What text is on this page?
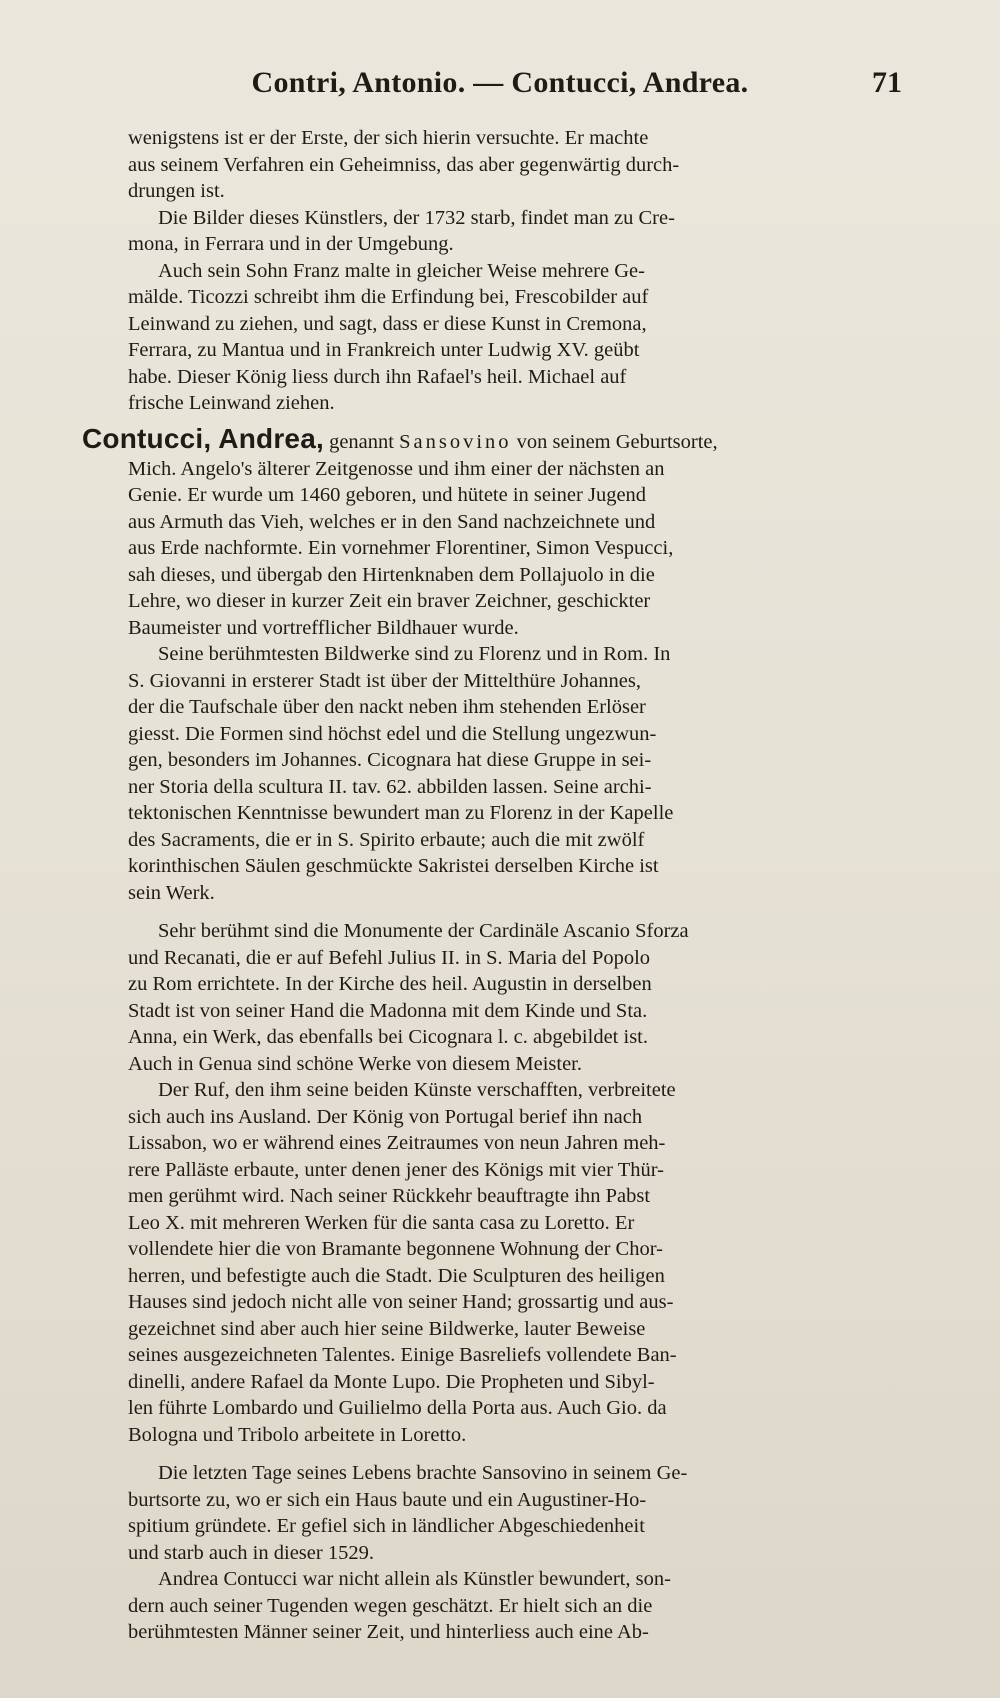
Contri, Antonio. — Contucci, Andrea.	71
wenigstens ist er der Erste, der sich hierin versuchte. Er machte
aus seinem Verfahren ein Geheimniss, das aber gegenwärtig durch-
drungen ist.
Die Bilder dieses Künstlers, der 1732 starb, findet man zu Cre-
mona, in Ferrara und in der Umgebung.
Auch sein Sohn Franz malte in gleicher Weise mehrere Ge-
mälde. Ticozzi schreibt ihm die Erfindung bei, Frescobilder auf
Leinwand zu ziehen, und sagt, dass er diese Kunst in Cremona,
Ferrara, zu Mantua und in Frankreich unter Ludwig XV. geübt
habe. Dieser König liess durch ihn Rafael's heil. Michael auf
frische Leinwand ziehen.
Contucci, Andrea, genannt Sansovino von seinem Geburtsorte,

Mich. Angelo's älterer Zeitgenosse und ihm einer der nächsten an
Genie. Er wurde um 1460 geboren, und hütete in seiner Jugend
aus Armuth das Vieh, welches er in den Sand nachzeichnete und
aus Erde nachformte. Ein vornehmer Florentiner, Simon Vespucci,
sah dieses, und übergab den Hirtenknaben dem Pollajuolo in die
Lehre, wo dieser in kurzer Zeit ein braver Zeichner, geschickter
Baumeister und vortrefflicher Bildhauer wurde.

Seine berühmtesten Bildwerke sind zu Florenz und in Rom. In
S. Giovanni in ersterer Stadt ist über der Mittelthüre Johannes,
der die Taufschale über den nackt neben ihm stehenden Erlöser
giesst. Die Formen sind höchst edel und die Stellung ungezwun-
gen, besonders im Johannes. Cicognara hat diese Gruppe in sei-
ner Storia della scultura II. tav. 62. abbilden lassen. Seine archi-
tektonischen Kenntnisse bewundert man zu Florenz in der Kapelle
des Sacraments, die er in S. Spirito erbaute; auch die mit zwölf
korinthischen Säulen geschmückte Sakristei derselben Kirche ist
sein Werk.

Sehr berühmt sind die Monumente der Cardinäle Ascanio Sforza
und Recanati, die er auf Befehl Julius II. in S. Maria del Popolo
zu Rom errichtete. In der Kirche des heil. Augustin in derselben
Stadt ist von seiner Hand die Madonna mit dem Kinde und Sta.
Anna, ein Werk, das ebenfalls bei Cicognara l. c. abgebildet ist.
Auch in Genua sind schöne Werke von diesem Meister.

Der Ruf, den ihm seine beiden Künste verschafften, verbreitete
sich auch ins Ausland. Der König von Portugal berief ihn nach
Lissabon, wo er während eines Zeitraumes von neun Jahren meh-
rere Palläste erbaute, unter denen jener des Königs mit vier Thür-
men gerühmt wird. Nach seiner Rückkehr beauftragte ihn Pabst
Leo X. mit mehreren Werken für die santa casa zu Loretto. Er
vollendete hier die von Bramante begonnene Wohnung der Chor-
herren, und befestigte auch die Stadt. Die Sculpturen des heiligen
Hauses sind jedoch nicht alle von seiner Hand; grossartig und aus-
gezeichnet sind aber auch hier seine Bildwerke, lauter Beweise
seines ausgezeichneten Talentes. Einige Basreliefs vollendete Ban-
dinelli, andere Rafael da Monte Lupo. Die Propheten und Sibyl-
len führte Lombardo und Guilielmo della Porta aus. Auch Gio. da
Bologna und Tribolo arbeitete in Loretto.

Die letzten Tage seines Lebens brachte Sansovino in seinem Ge-
burtsorte zu, wo er sich ein Haus baute und ein Augustiner-Ho-
spitium gründete. Er gefiel sich in ländlicher Abgeschiedenheit
und starb auch in dieser 1529.

Andrea Contucci war nicht allein als Künstler bewundert, son-
dern auch seiner Tugenden wegen geschätzt. Er hielt sich an die
berühmtesten Männer seiner Zeit, und hinterliess auch eine Ab-
